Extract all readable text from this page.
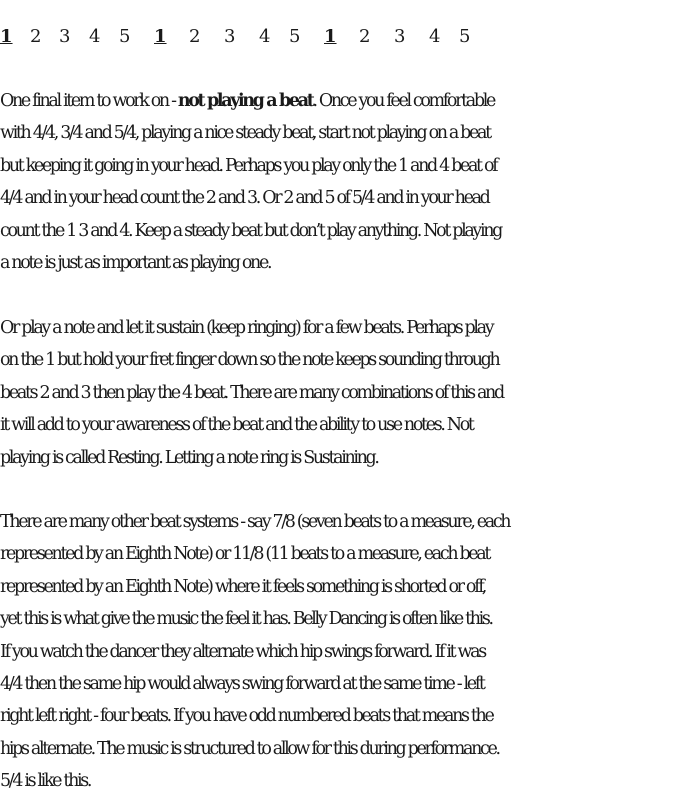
1 2 3 4 5 1 2 3 4 5 1 2 3 4 5
One final item to work on - not playing a beat. Once you feel comfortable
with 4/4, 3/4 and 5/4, playing a nice steady beat, start not playing on a beat
but keeping it going in your head. Perhaps you play only the 1 and 4 beat of
4/4 and in your head count the 2 and 3. Or 2 and 5 of 5/4 and in your head
count the 1 3 and 4. Keep a steady beat but don’t play anything. Not playing
a note is just as important as playing one.
Or play a note and let it sustain (keep ringing) for a few beats. Perhaps play
on the 1 but hold your fret finger down so the note keeps sounding through
beats 2 and 3 then play the 4 beat. There are many combinations of this and
it will add to your awareness of the beat and the ability to use notes. Not
playing is called Resting. Letting a note ring is Sustaining.
There are many other beat systems - say 7/8 (seven beats to a measure, each
represented by an Eighth Note) or 11/8 (11 beats to a measure, each beat
represented by an Eighth Note) where it feels something is shorted or off,
yet this is what give the music the feel it has. Belly Dancing is often like this.
If you watch the dancer they alternate which hip swings forward. If it was
4/4 then the same hip would always swing forward at the same time - left
right left right - four beats. If you have odd numbered beats that means the
hips alternate. The music is structured to allow for this during performance.
5/4 is like this.
